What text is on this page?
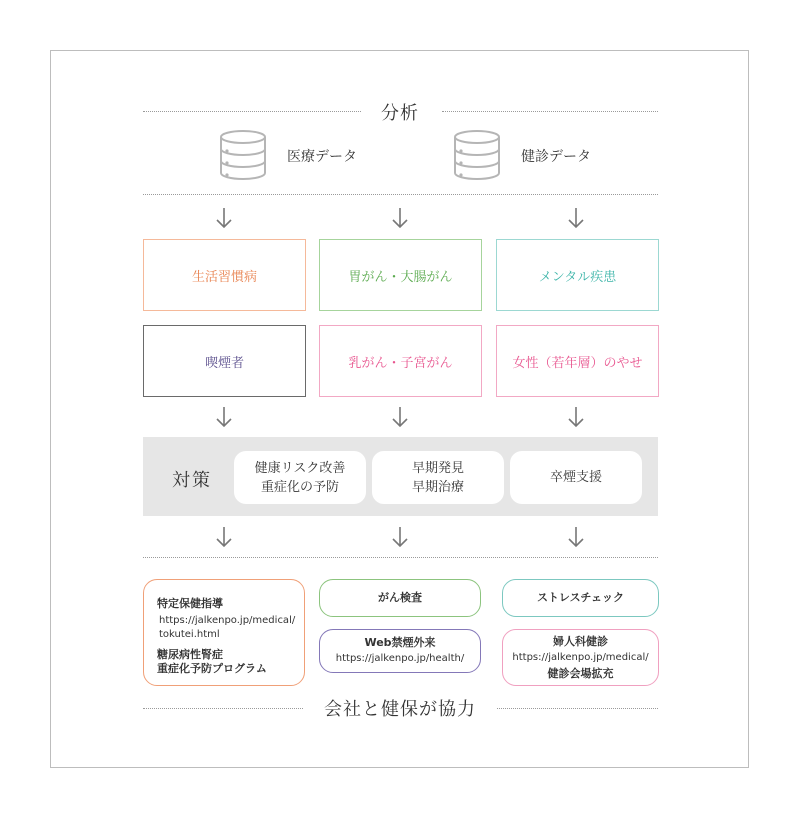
分析
医療データ	健診データ
生活習慣病	胃がん・大腸がん	メンタル疾患
喫煙者	乳がん・子宮がん	女性（若年層）のやせ
対策
健康リスク改善
重症化の予防
早期発見
早期治療
卒煙支援
特定保健指導
https://jalkenpo.jp/medical/
tokutei.html
糖尿病性腎症
重症化予防プログラム
がん検査
Web禁煙外来
https://jalkenpo.jp/health/
ストレスチェック
婦人科健診
https://jalkenpo.jp/medical/
健診会場拡充
会社と健保が協力
